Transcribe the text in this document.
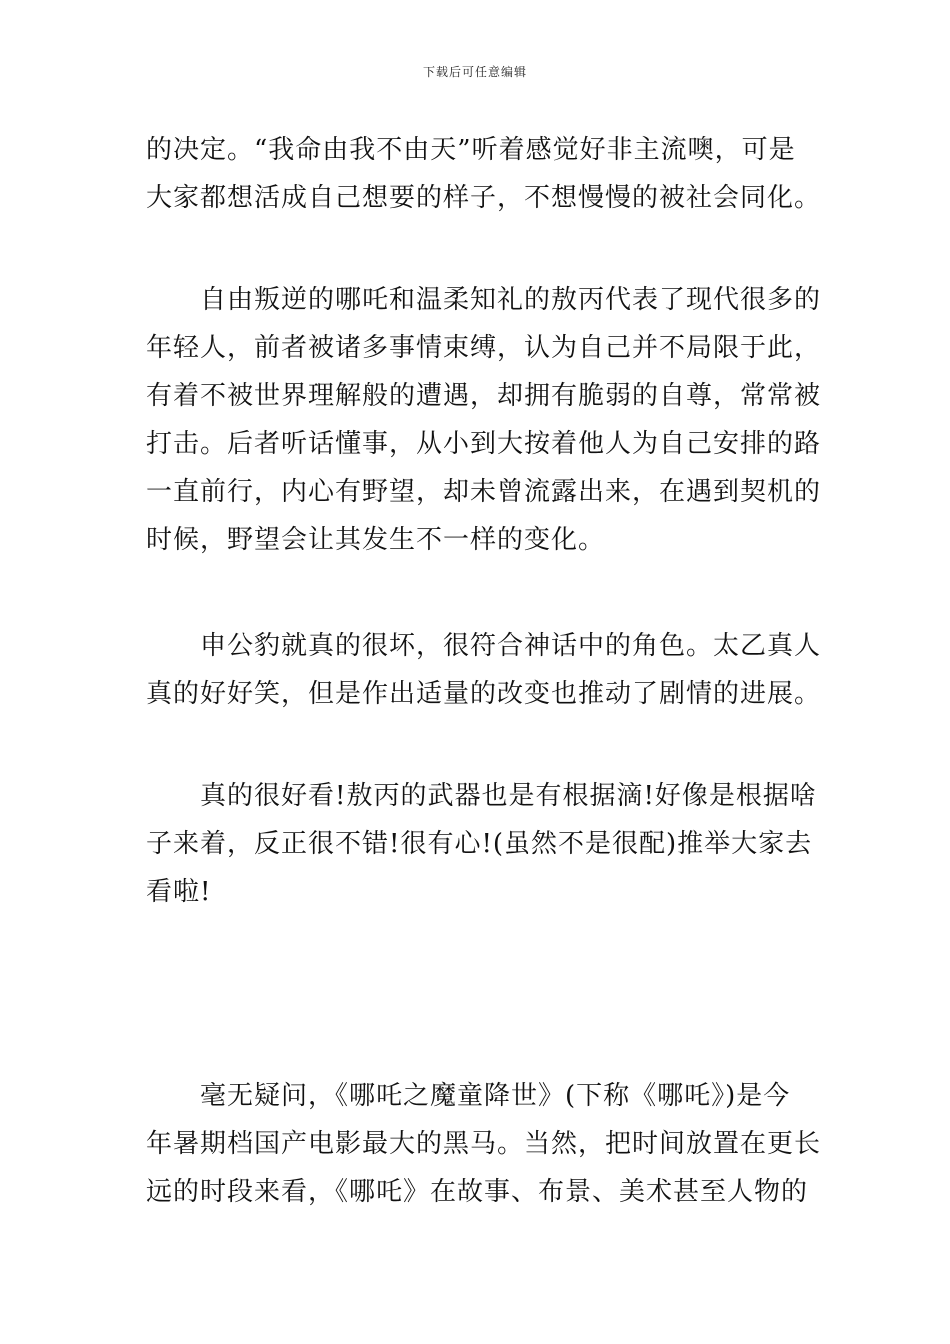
下载后可任意编辑
的决定。“我命由我不由天”听着感觉好非主流噢，可是
大家都想活成自己想要的样子，不想慢慢的被社会同化。
自由叛逆的哪吒和温柔知礼的敖丙代表了现代很多的
年轻人，前者被诸多事情束缚，认为自己并不局限于此，
有着不被世界理解般的遭遇，却拥有脆弱的自尊，常常被
打击。后者听话懂事，从小到大按着他人为自己安排的路
一直前行，内心有野望，却未曾流露出来，在遇到契机的
时候，野望会让其发生不一样的变化。
申公豹就真的很坏，很符合神话中的角色。太乙真人
真的好好笑，但是作出适量的改变也推动了剧情的进展。
真的很好看!敖丙的武器也是有根据滴!好像是根据啥
子来着，反正很不错!很有心!(虽然不是很配)推举大家去
看啦!
毫无疑问，《哪吒之魔童降世》(下称《哪吒》)是今
年暑期档国产电影最大的黑马。当然，把时间放置在更长
远的时段来看，《哪吒》在故事、布景、美术甚至人物的
